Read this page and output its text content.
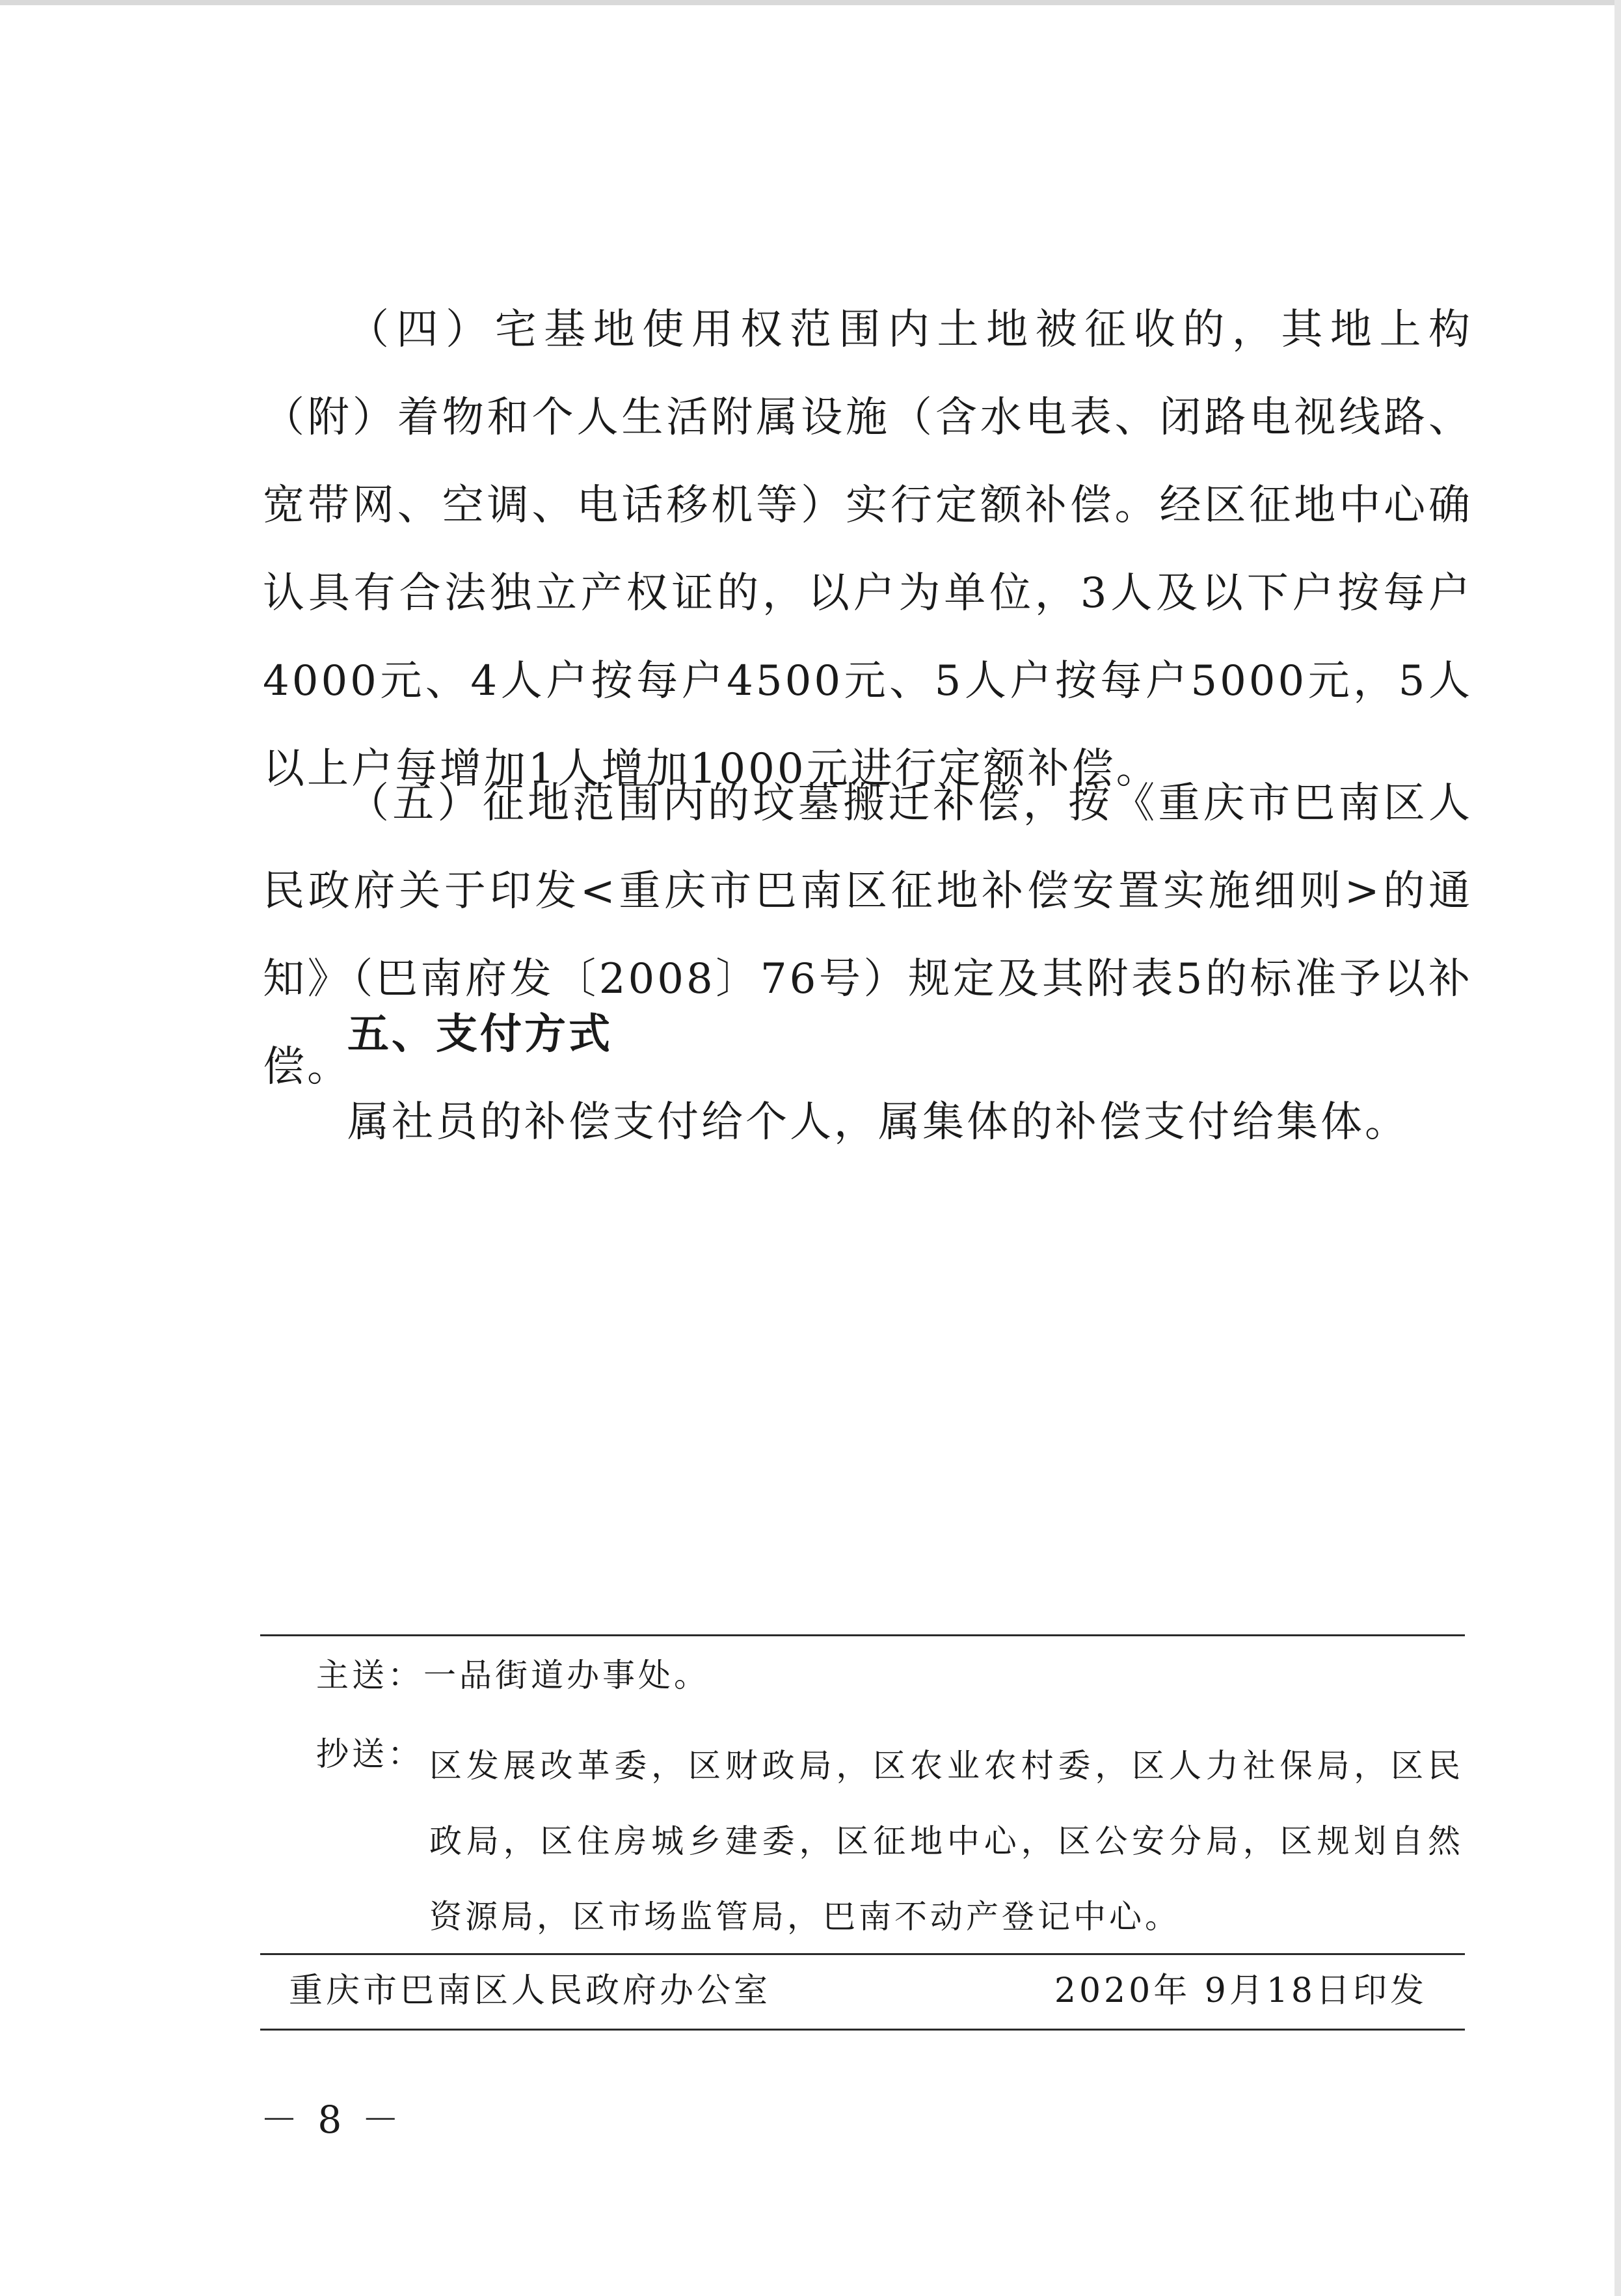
（四）宅基地使用权范围内土地被征收的，其地上构（附）着物和个人生活附属设施（含水电表、闭路电视线路、宽带网、空调、电话移机等）实行定额补偿。经区征地中心确认具有合法独立产权证的，以户为单位，3人及以下户按每户4000元、4人户按每户4500元、5人户按每户5000元，5人以上户每增加1人增加1000元进行定额补偿。

（五）征地范围内的坟墓搬迁补偿，按《重庆市巴南区人民政府关于印发<重庆市巴南区征地补偿安置实施细则>的通知》（巴南府发〔2008〕76号）规定及其附表5的标准予以补偿。

五、支付方式

属社员的补偿支付给个人，属集体的补偿支付给集体。

主送：一品街道办事处。

抄送： 区发展改革委，区财政局，区农业农村委，区人力社保局，区民政局，区住房城乡建委，区征地中心，区公安分局，区规划自然资源局，区市场监管局，巴南不动产登记中心。

重庆市巴南区人民政府办公室	2020年 9月18日印发

－ 8 －
